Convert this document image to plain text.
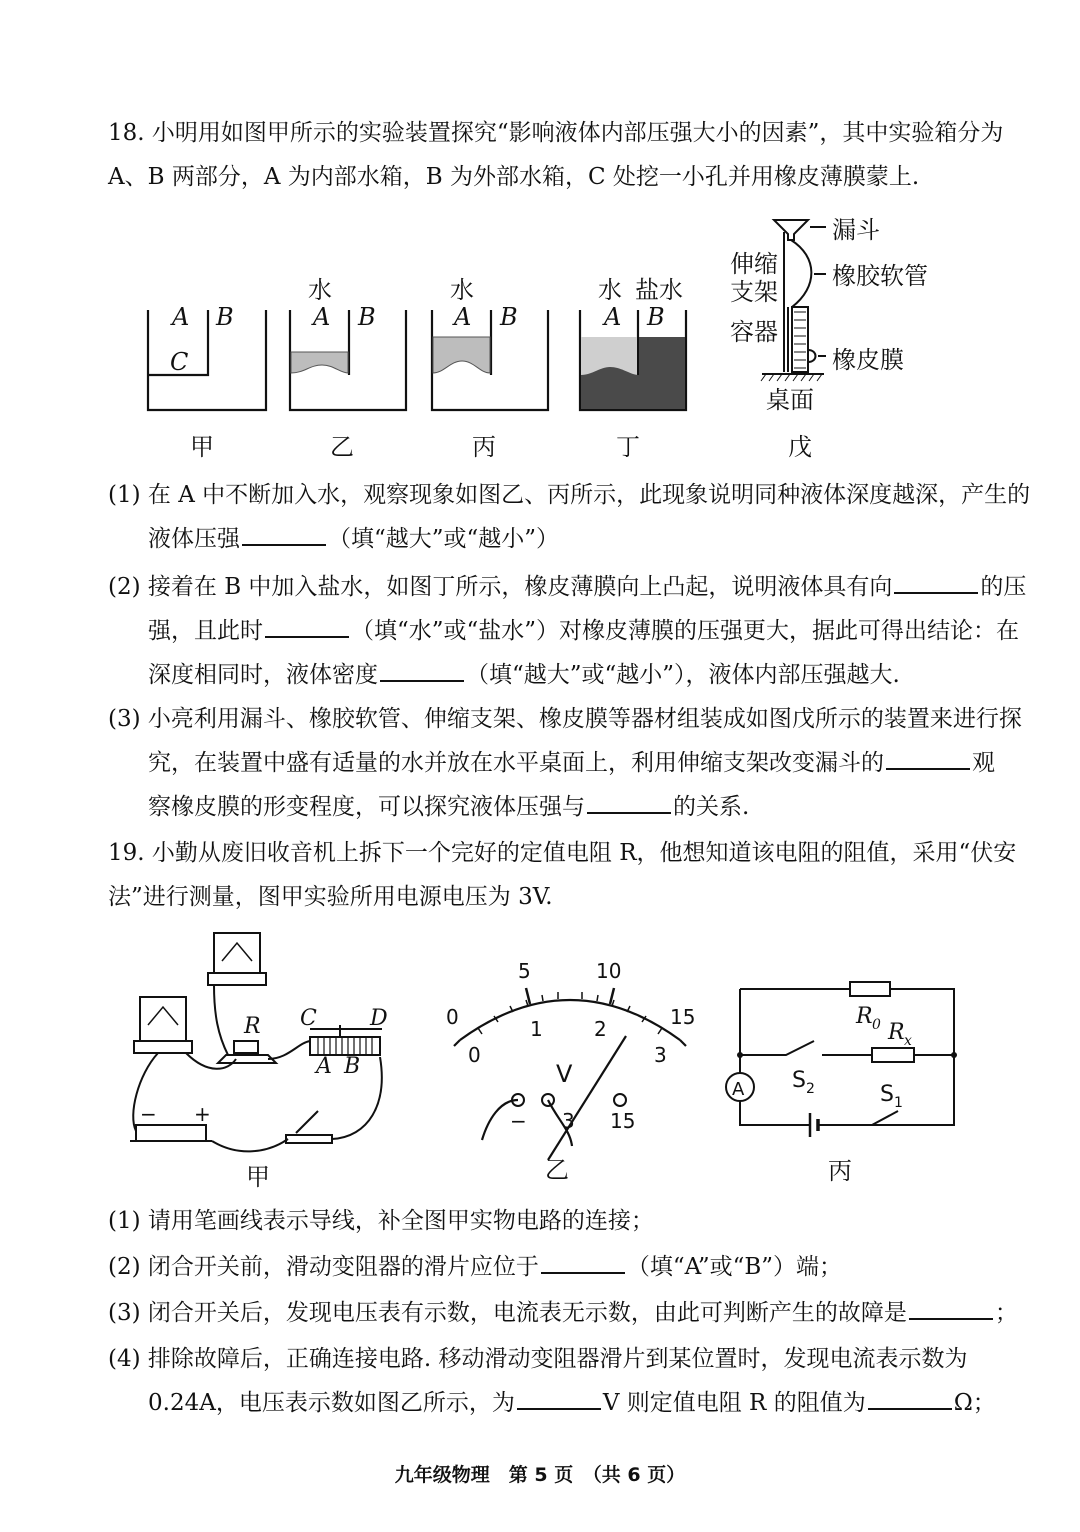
18. 小明用如图甲所示的实验装置探究“影响液体内部压强大小的因素”，其中实验箱分为
A、B 两部分，A 为内部水箱，B 为外部水箱，C 处挖一小孔并用橡皮薄膜蒙上.
A B
C
A B	A B	A B
水	水	水 盐水
甲	乙	丙	丁
漏斗
伸缩
支架
橡胶软管
容器
橡皮膜
桌面
戊
(1) 在 A 中不断加入水，观察现象如图乙、丙所示，此现象说明同种液体深度越深，产生的
液体压强	（填“越大”或“越小”）
(2) 接着在 B 中加入盐水，如图丁所示，橡皮薄膜向上凸起，说明液体具有向	的压
强，且此时	（填“水”或“盐水”）对橡皮薄膜的压强更大，据此可得出结论：在
深度相同时，液体密度	（填“越大”或“越小”），液体内部压强越大.
(3) 小亮利用漏斗、橡胶软管、伸缩支架、橡皮膜等器材组装成如图戊所示的装置来进行探
究，在装置中盛有适量的水并放在水平桌面上，利用伸缩支架改变漏斗的	观
察橡皮膜的形变程度，可以探究液体压强与	的关系.
19. 小勤从废旧收音机上拆下一个完好的定值电阻 R，他想知道该电阻的阻值，采用“伏安
法”进行测量，图甲实验所用电源电压为 3V.
R C D
A B
− +
甲
0
5	10
15
0
1	2
3
V
− 3 15
乙
R 0 R x
A S 2	S 1
丙
(1) 请用笔画线表示导线，补全图甲实物电路的连接；
(2) 闭合开关前，滑动变阻器的滑片应位于	（填“A”或“B”）端；
(3) 闭合开关后，发现电压表有示数，电流表无示数，由此可判断产生的故障是	；
(4) 排除故障后，正确连接电路. 移动滑动变阻器滑片到某位置时，发现电流表示数为
0.24A，电压表示数如图乙所示，为	V 则定值电阻 R 的阻值为	Ω；
九年级物理　第 5 页　（共 6 页）
